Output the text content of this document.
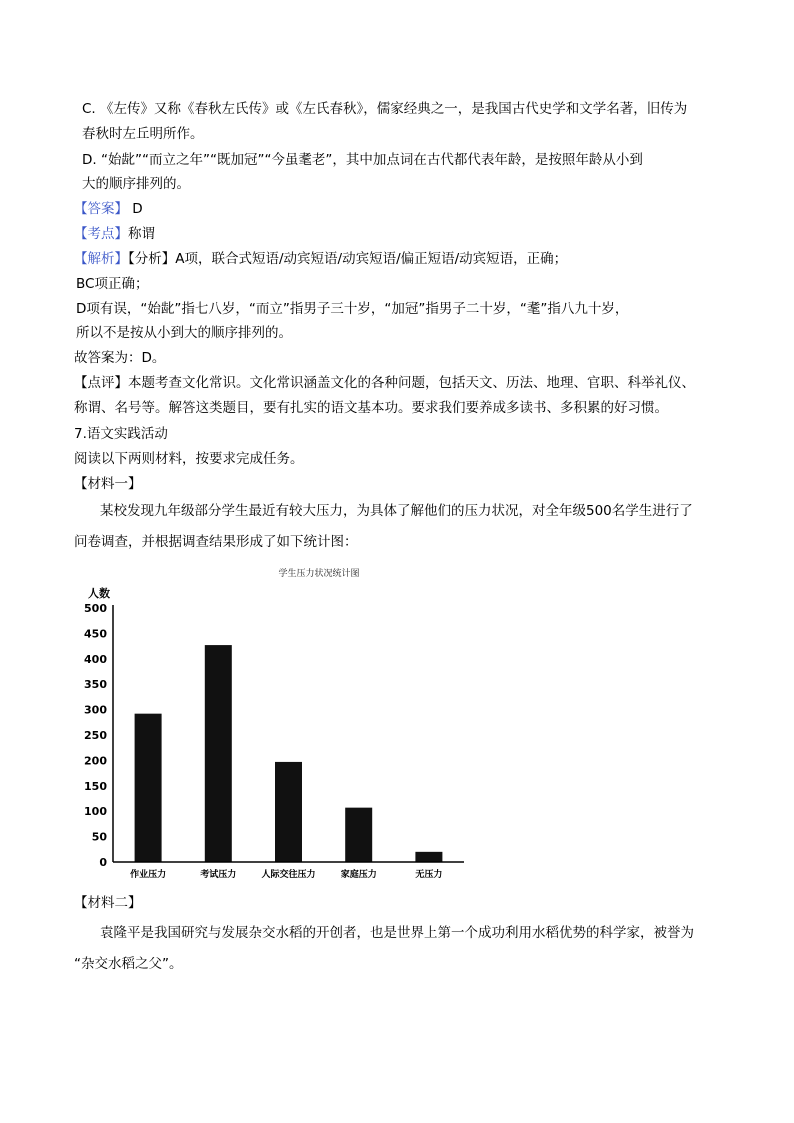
C. 《左传》又称《春秋左氏传》或《左氏春秋》，儒家经典之一，是我国古代史学和文学名著，旧传为
春秋时左丘明所作。
D. “始龀”“而立之年”“既加冠”“今虽耄老”，其中加点词在古代都代表年龄，是按照年龄从小到
大的顺序排列的。
【答案】 D
【考点】称谓
【解析】【分析】A项，联合式短语/动宾短语/动宾短语/偏正短语/动宾短语，正确；
BC项正确；
D项有误，“始龀”指七八岁，“而立”指男子三十岁，“加冠”指男子二十岁，“耄”指八九十岁，
所以不是按从小到大的顺序排列的。
故答案为：D。
【点评】本题考查文化常识。文化常识涵盖文化的各种问题，包括天文、历法、地理、官职、科举礼仪、
称谓、名号等。解答这类题目，要有扎实的语文基本功。要求我们要养成多读书、多积累的好习惯。
7.语文实践活动
阅读以下两则材料，按要求完成任务。
【材料一】
某校发现九年级部分学生最近有较大压力，为具体了解他们的压力状况，对全年级500名学生进行了
问卷调查，并根据调查结果形成了如下统计图：
学生压力状况统计图
人数
0
50
100
150
200
250
300
350
400
450
500
作业压力	考试压力	人际交往压力	家庭压力	无压力
【材料二】
袁隆平是我国研究与发展杂交水稻的开创者，也是世界上第一个成功利用水稻优势的科学家，被誉为
“杂交水稻之父”。
